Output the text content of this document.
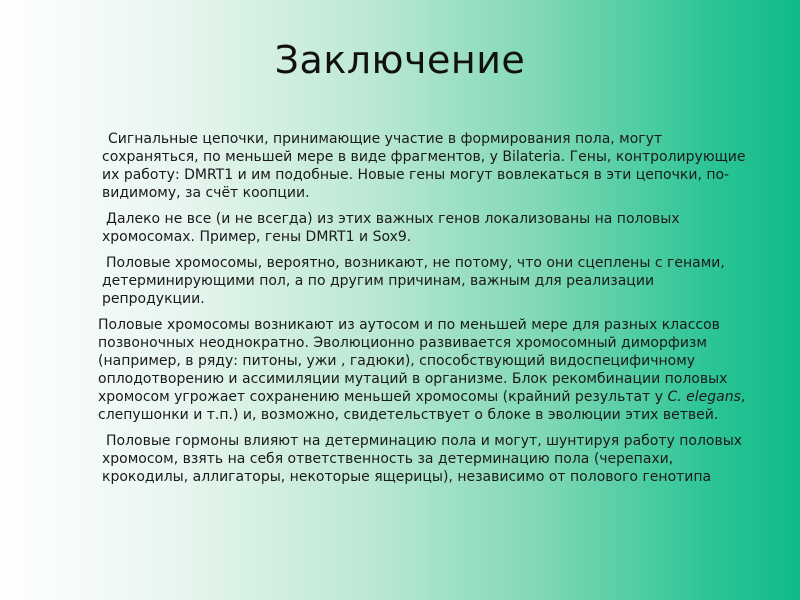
Заключение

Сигнальные цепочки, принимающие участие в формирования пола, могут сохраняться, по меньшей мере в виде фрагментов, у Bilateria. Гены, контролирующие их работу: DMRT1 и им подобные. Новые гены могут вовлекаться в эти цепочки, по-видимому, за счёт коопции.

Далеко не все (и не всегда) из этих важных генов локализованы на половых хромосомах. Пример, гены DMRT1 и Sox9.

Половые хромосомы, вероятно, возникают, не потому, что они сцеплены с генами, детерминирующими пол, а по другим причинам, важным для реализации репродукции.

Половые хромосомы возникают из аутосом и по меньшей мере для разных классов позвоночных неоднократно. Эволюционно развивается хромосомный диморфизм (например, в ряду: питоны, ужи , гадюки), способствующий видоспецифичному оплодотворению и ассимиляции мутаций в организме. Блок рекомбинации половых хромосом угрожает сохранению меньшей хромосомы (крайний результат у C. elegans, слепушонки и т.п.) и, возможно, свидетельствует о блоке в эволюции этих ветвей.

Половые гормоны влияют на детерминацию пола и могут, шунтируя работу половых хромосом, взять на себя ответственность за детерминацию пола (черепахи, крокодилы, аллигаторы, некоторые ящерицы), независимо от полового генотипа
